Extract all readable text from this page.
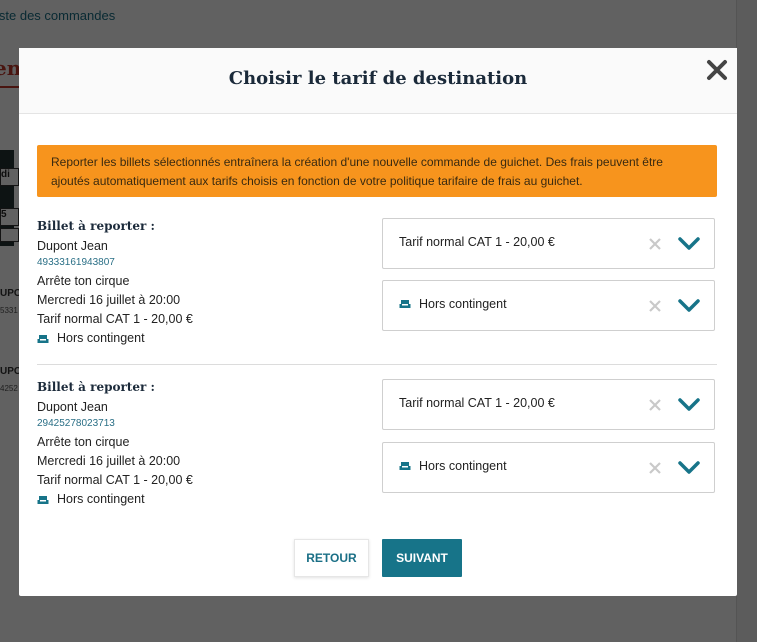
Choisir le tarif de destination
Reporter les billets sélectionnés entraînera la création d'une nouvelle commande de guichet. Des frais peuvent être ajoutés automatiquement aux tarifs choisis en fonction de votre politique tarifaire de frais au guichet.
Billet à reporter :
Dupont Jean
49333161943807
Arrête ton cirque
Mercredi 16 juillet à 20:00
Tarif normal CAT 1 - 20,00 €
Hors contingent
Tarif normal CAT 1 - 20,00 €
Hors contingent
Billet à reporter :
Dupont Jean
29425278023713
Arrête ton cirque
Mercredi 16 juillet à 20:00
Tarif normal CAT 1 - 20,00 €
Hors contingent
Tarif normal CAT 1 - 20,00 €
Hors contingent
RETOUR	SUIVANT
